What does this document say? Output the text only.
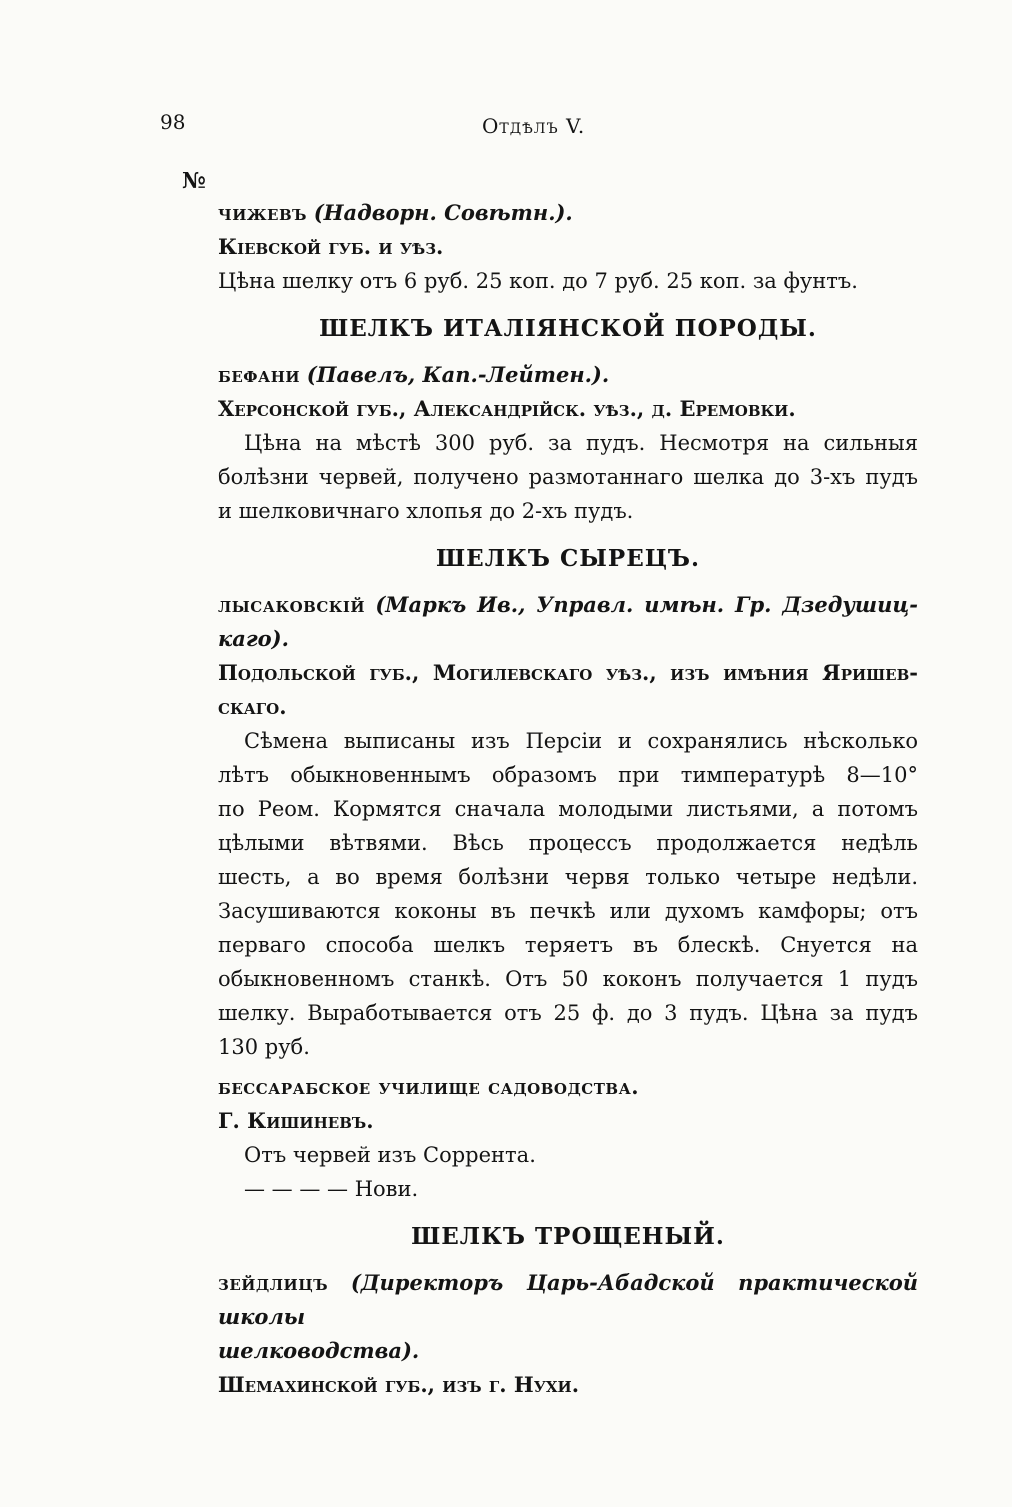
98	Отдѣлъ V.
№
чижевъ (Надворн. Совѣтн.).
Кiевской губ. и уѣз.
Цѣна шелку отъ 6 руб. 25 коп. до 7 руб. 25 коп. за фунтъ.
ШЕЛКЪ ИТАЛIЯНСКОЙ ПОРОДЫ.
бефани (Павелъ, Кап.-Лейтен.).
Херсонской губ., Александрiйск. уѣз., д. Еремовки.
Цѣна на мѣстѣ 300 руб. за пудъ. Несмотря на сильныя
болѣзни червей, получено размотаннаго шелка до 3-хъ пудъ
и шелковичнаго хлопья до 2-хъ пудъ.
ШЕЛКЪ СЫРЕЦЪ.
лысаковскiй (Маркъ Ив., Управл. имѣн. Гр. Дзедушиц-
каго).
Подольской губ., Могилевскаго уѣз., изъ имѣния Яришев-
скаго.
Сѣмена выписаны изъ Персiи и сохранялись нѣсколько
лѣтъ обыкновеннымъ образомъ при тимпературѣ 8—10°
по Реом. Кормятся сначала молодыми листьями, а потомъ
цѣлыми вѣтвями. Вѣсь процессъ продолжается недѣль
шесть, а во время болѣзни червя только четыре недѣли.
Засушиваются коконы въ печкѣ или духомъ камфоры; отъ
перваго способа шелкъ теряетъ въ блескѣ. Снуется на
обыкновенномъ станкѣ. Отъ 50 коконъ получается 1 пудъ
шелку. Выработывается отъ 25 ф. до 3 пудъ. Цѣна за пудъ
130 руб.
бессарабское училище садоводства.
Г. Кишиневъ.
Отъ червей изъ Соррента.
— — — — Нови.
ШЕЛКЪ ТРОЩЕНЫЙ.
зейдлицъ (Директоръ Царь-Абадской практической школы
шелководства).
Шемахинской губ., изъ г. Нухи.
